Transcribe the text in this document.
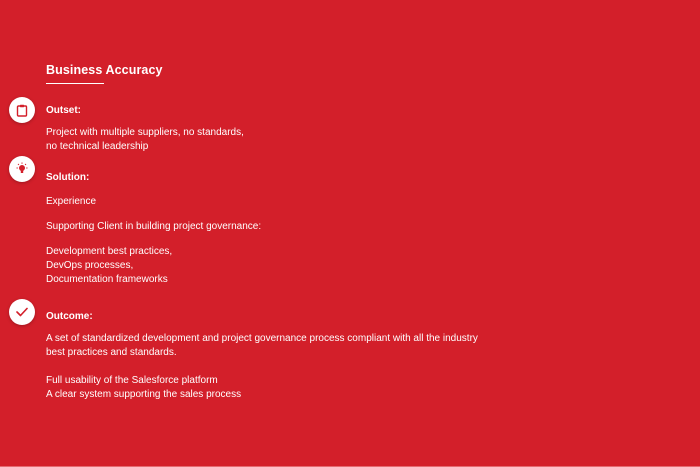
Business Accuracy
Outset:
Project with multiple suppliers, no standards,
no technical leadership
Solution:
Experience
Supporting Client in building project governance:
Development best practices,
DevOps processes,
Documentation frameworks
Outcome:
A set of standardized development and project governance process compliant with all the industry
best practices and standards.
Full usability of the Salesforce platform
A clear system supporting the sales process
